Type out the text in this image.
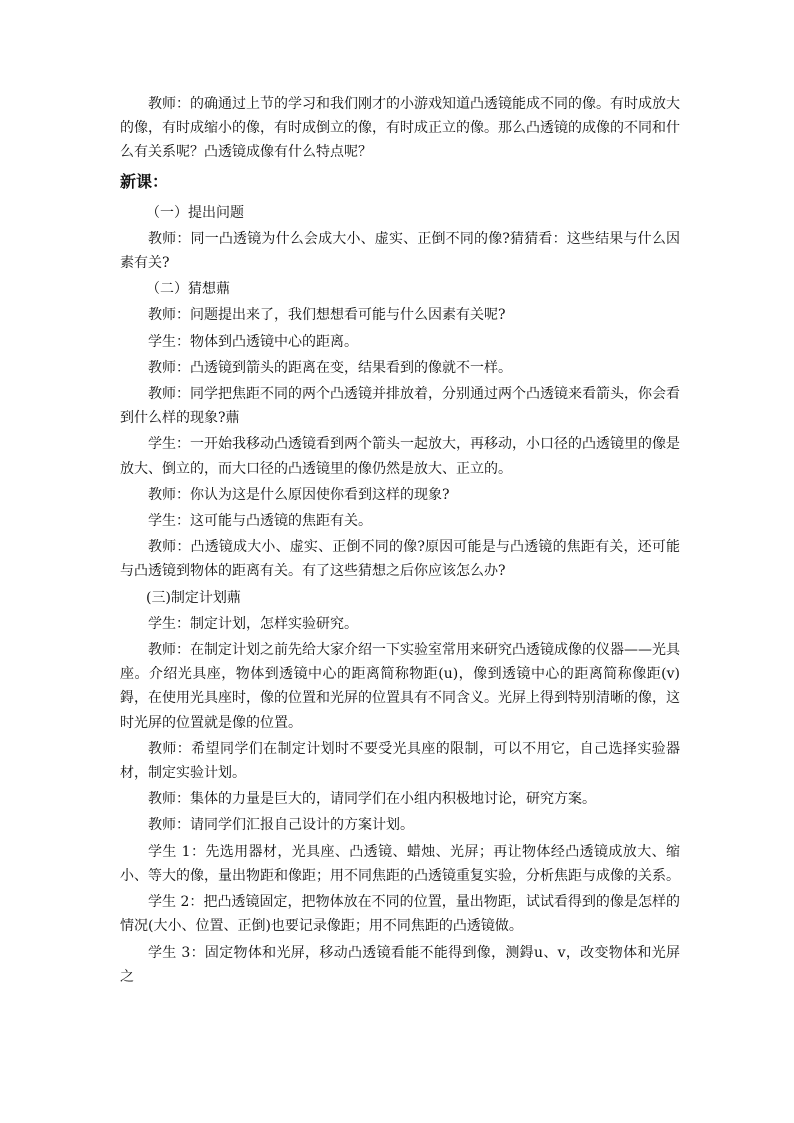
教师：的确通过上节的学习和我们刚才的小游戏知道凸透镜能成不同的像。有时成放大的像，有时成缩小的像，有时成倒立的像，有时成正立的像。那么凸透镜的成像的不同和什么有关系呢？凸透镜成像有什么特点呢？

新课：
（一）提出问题

教师：同一凸透镜为什么会成大小、虚实、正倒不同的像?猜猜看：这些结果与什么因素有关?

（二）猜想薡

教师：问题提出来了，我们想想看可能与什么因素有关呢?

学生：物体到凸透镜中心的距离。

教师：凸透镜到箭头的距离在变，结果看到的像就不一样。

教师：同学把焦距不同的两个凸透镜并排放着，分别通过两个凸透镜来看箭头，你会看到什么样的现象?薡

学生：一开始我移动凸透镜看到两个箭头一起放大，再移动，小口径的凸透镜里的像是放大、倒立的，而大口径的凸透镜里的像仍然是放大、正立的。

教师：你认为这是什么原因使你看到这样的现象?

学生：这可能与凸透镜的焦距有关。

教师：凸透镜成大小、虚实、正倒不同的像?原因可能是与凸透镜的焦距有关，还可能与凸透镜到物体的距离有关。有了这些猜想之后你应该怎么办?

(三)制定计划薡

学生：制定计划，怎样实验研究。

教师：在制定计划之前先给大家介绍一下实验室常用来研究凸透镜成像的仪器——光具座。介绍光具座，物体到透镜中心的距离简称物距(u)，像到透镜中心的距离简称像距(v)鍀，在使用光具座时，像的位置和光屏的位置具有不同含义。光屏上得到特别清晰的像，这时光屏的位置就是像的位置。

教师：希望同学们在制定计划时不要受光具座的限制，可以不用它，自己选择实验器材，制定实验计划。

教师：集体的力量是巨大的，请同学们在小组内积极地讨论，研究方案。

教师：请同学们汇报自己设计的方案计划。

学生 1：先选用器材，光具座、凸透镜、蜡烛、光屏；再让物体经凸透镜成放大、缩小、等大的像，量出物距和像距；用不同焦距的凸透镜重复实验，分析焦距与成像的关系。

学生 2：把凸透镜固定，把物体放在不同的位置，量出物距，试试看得到的像是怎样的情况(大小、位置、正倒)也要记录像距；用不同焦距的凸透镜做。

学生 3：固定物体和光屏，移动凸透镜看能不能得到像，测鍀u、v，改变物体和光屏之
